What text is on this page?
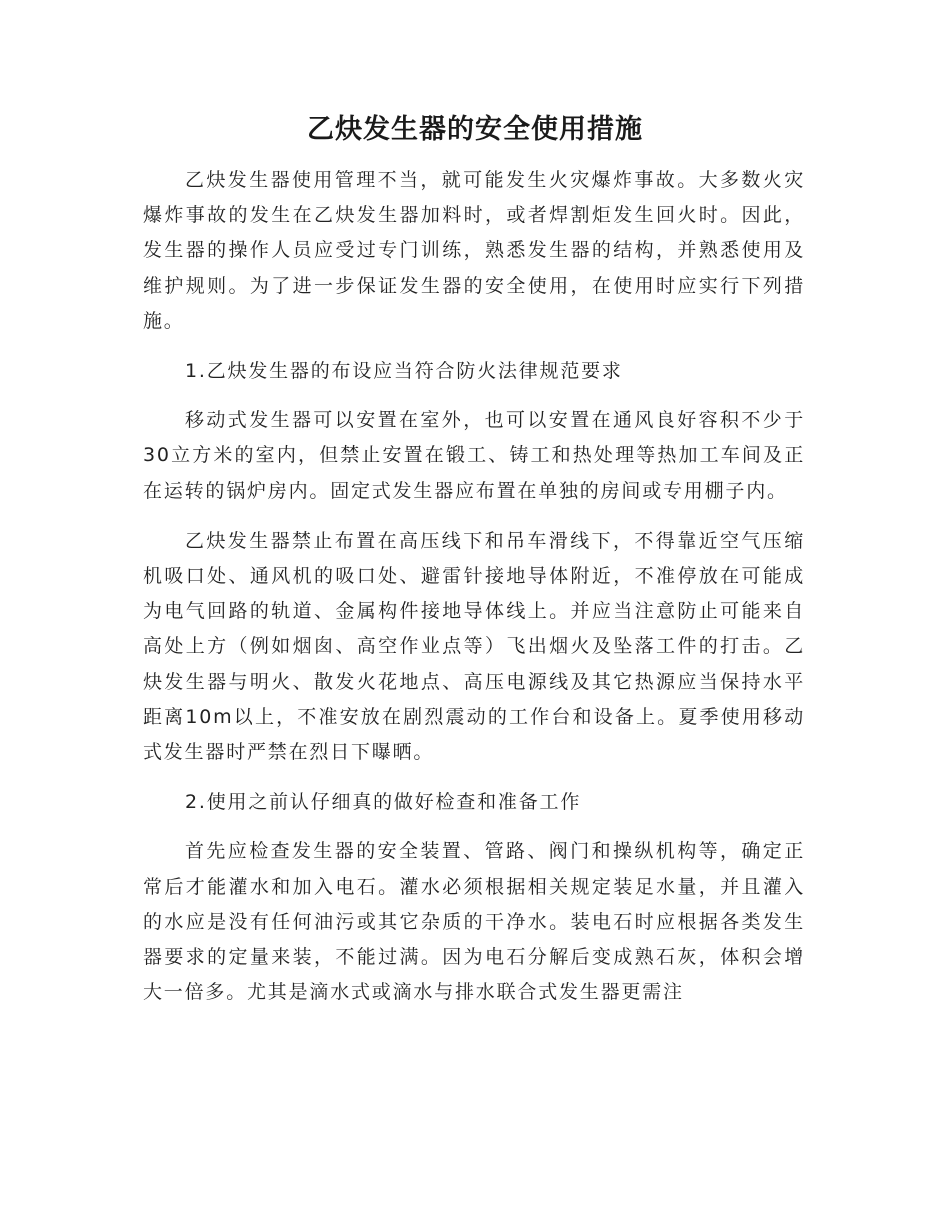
乙炔发生器的安全使用措施

乙炔发生器使用管理不当，就可能发生火灾爆炸事故。大多数火灾爆炸事故的发生在乙炔发生器加料时，或者焊割炬发生回火时。因此，发生器的操作人员应受过专门训练，熟悉发生器的结构，并熟悉使用及维护规则。为了进一步保证发生器的安全使用，在使用时应实行下列措施。

1.乙炔发生器的布设应当符合防火法律规范要求

移动式发生器可以安置在室外，也可以安置在通风良好容积不少于30立方米的室内，但禁止安置在锻工、铸工和热处理等热加工车间及正在运转的锅炉房内。固定式发生器应布置在单独的房间或专用棚子内。

乙炔发生器禁止布置在高压线下和吊车滑线下，不得靠近空气压缩机吸口处、通风机的吸口处、避雷针接地导体附近，不准停放在可能成为电气回路的轨道、金属构件接地导体线上。并应当注意防止可能来自高处上方（例如烟囱、高空作业点等）飞出烟火及坠落工件的打击。乙炔发生器与明火、散发火花地点、高压电源线及其它热源应当保持水平距离10m以上，不准安放在剧烈震动的工作台和设备上。夏季使用移动式发生器时严禁在烈日下曝晒。

2.使用之前认仔细真的做好检查和准备工作

首先应检查发生器的安全装置、管路、阀门和操纵机构等，确定正常后才能灌水和加入电石。灌水必须根据相关规定装足水量，并且灌入的水应是没有任何油污或其它杂质的干净水。装电石时应根据各类发生器要求的定量来装，不能过满。因为电石分解后变成熟石灰，体积会增大一倍多。尤其是滴水式或滴水与排水联合式发生器更需注
